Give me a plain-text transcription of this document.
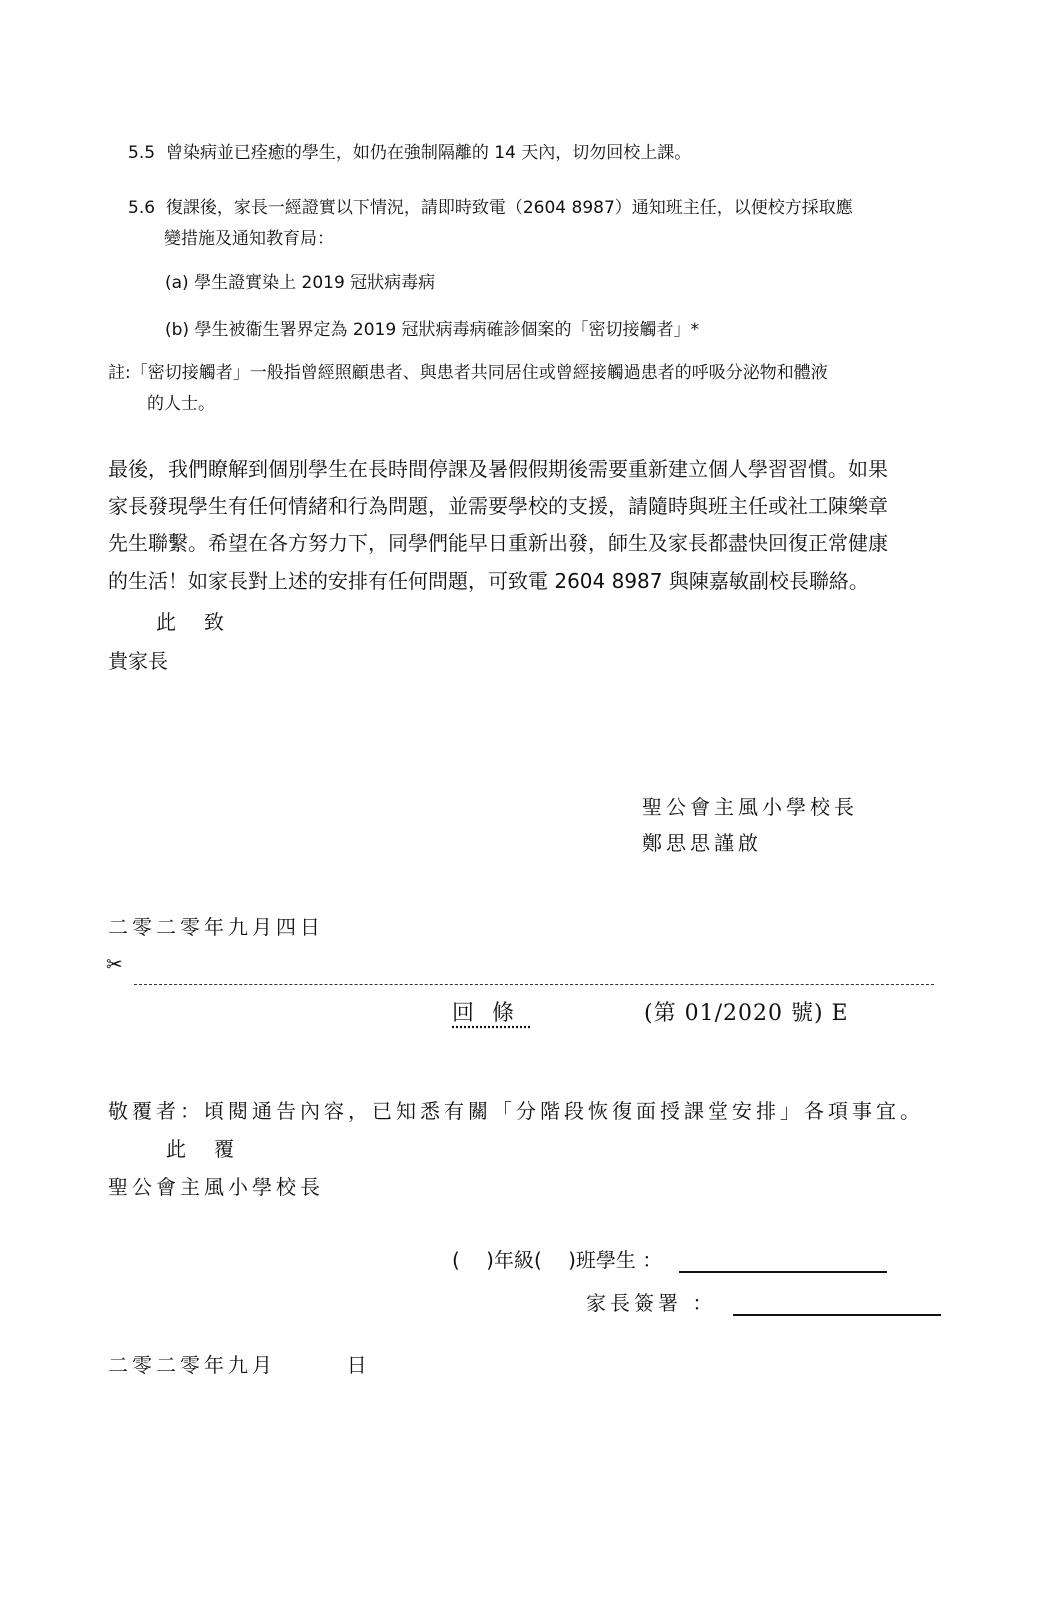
5.5 曾染病並已痊癒的學生，如仍在強制隔離的 14 天內，切勿回校上課。
5.6 復課後，家長一經證實以下情況，請即時致電（2604 8987）通知班主任，以便校方採取應
變措施及通知教育局：
(a) 學生證實染上 2019 冠狀病毒病
(b) 學生被衞生署界定為 2019 冠狀病毒病確診個案的「密切接觸者」*
註:「密切接觸者」一般指曾經照顧患者、與患者共同居住或曾經接觸過患者的呼吸分泌物和體液
的人士。
最後，我們瞭解到個別學生在長時間停課及暑假假期後需要重新建立個人學習習慣。如果
家長發現學生有任何情緒和行為問題，並需要學校的支援，請隨時與班主任或社工陳樂章
先生聯繫。希望在各方努力下，同學們能早日重新出發，師生及家長都盡快回復正常健康
的生活！如家長對上述的安排有任何問題，可致電 2604 8987 與陳嘉敏副校長聯絡。
此　致
貴家長
聖公會主風小學校長
鄭思思謹啟
二零二零年九月四日
✂
回條	(第 01/2020 號) E
敬覆者：頃閱通告內容，已知悉有關「分階段恢復面授課堂安排」各項事宜。
此　覆
聖公會主風小學校長
(　 )年級(　 )班學生 ：
家長簽署 ：
二零二零年九月	日
